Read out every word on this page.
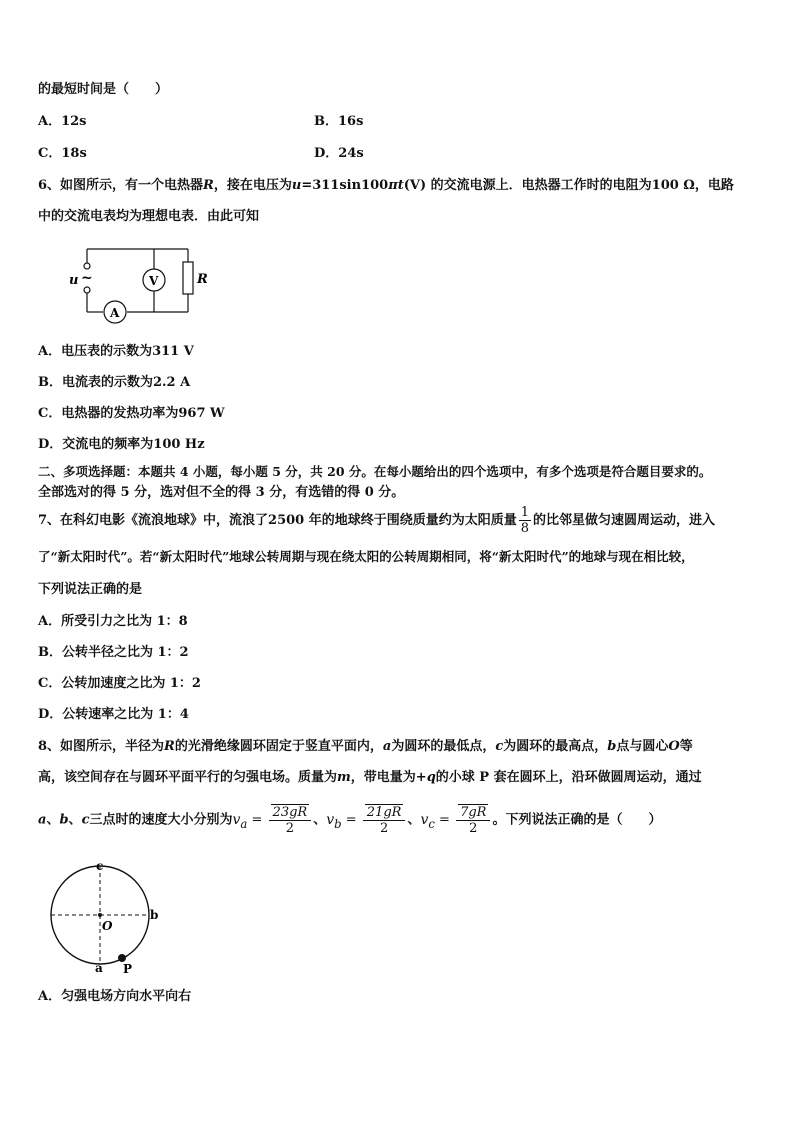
的最短时间是（　　）
A．12s	B．16s
C．18s	D．24s
6、如图所示，有一个电热器R，接在电压为u=311sin100πt(V) 的交流电源上．电热器工作时的电阻为100 Ω，电路
中的交流电表均为理想电表．由此可知
u ~	V
A
R
A．电压表的示数为311 V
B．电流表的示数为2.2 A
C．电热器的发热功率为967 W
D．交流电的频率为100 Hz
二、多项选择题：本题共 4 小题，每小题 5 分，共 20 分。在每小题给出的四个选项中，有多个选项是符合题目要求的。
全部选对的得 5 分，选对但不全的得 3 分，有选错的得 0 分。
7、在科幻电影《流浪地球》中，流浪了2500 年的地球终于围绕质量约为太阳质量 $\frac{1}{8}$ 的比邻星做匀速圆周运动，进入
了“新太阳时代”。若“新太阳时代”地球公转周期与现在绕太阳的公转周期相同，将“新太阳时代”的地球与现在相比较，
下列说法正确的是
A．所受引力之比为 1：8
B．公转半径之比为 1：2
C．公转加速度之比为 1：2
D．公转速率之比为 1：4
8、如图所示，半径为R的光滑绝缘圆环固定于竖直平面内，a为圆环的最低点，c为圆环的最高点，b点与圆心O等
高，该空间存在与圆环平面平行的匀强电场。质量为m，带电量为+q的小球 P 套在圆环上，沿环做圆周运动，通过
a、b、c三点时的速度大小分别为$v_a = \frac{23gR}{2}$ 、$v_b = \frac{21gR}{2}$ 、$v_c = \frac{7gR}{2}$ 。下列说法正确的是（　　）
c
b
O
a P
A．匀强电场方向水平向右
